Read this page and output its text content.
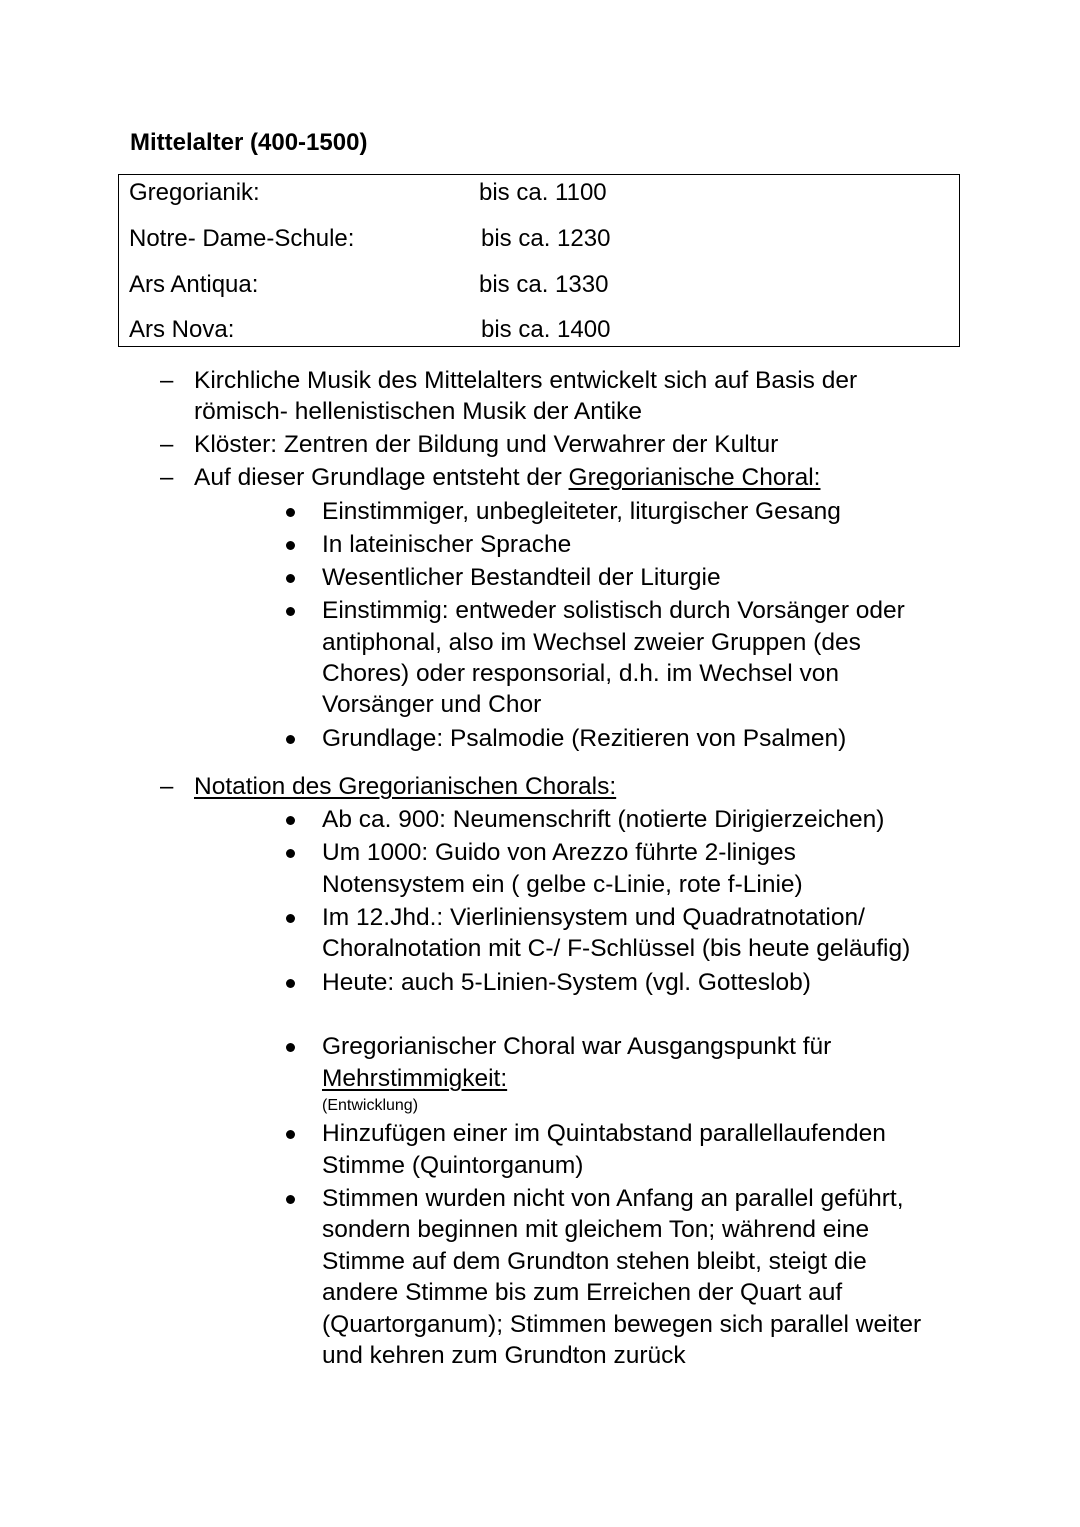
Mittelalter (400-1500)
Gregorianik:	bis ca. 1100
Notre- Dame-Schule:	bis ca. 1230
Ars Antiqua:	bis ca. 1330
Ars Nova:	bis ca. 1400
– Kirchliche Musik des Mittelalters entwickelt sich auf Basis der
römisch- hellenistischen Musik der Antike
– Klöster: Zentren der Bildung und Verwahrer der Kultur
– Auf dieser Grundlage entsteht der Gregorianische Choral:
Einstimmiger, unbegleiteter, liturgischer Gesang
In lateinischer Sprache
Wesentlicher Bestandteil der Liturgie
Einstimmig: entweder solistisch durch Vorsänger oder
antiphonal, also im Wechsel zweier Gruppen (des
Chores) oder responsorial, d.h. im Wechsel von
Vorsänger und Chor
Grundlage: Psalmodie (Rezitieren von Psalmen)
– Notation des Gregorianischen Chorals:
Ab ca. 900: Neumenschrift (notierte Dirigierzeichen)
Um 1000: Guido von Arezzo führte 2-liniges
Notensystem ein ( gelbe c-Linie, rote f-Linie)
Im 12.Jhd.: Vierliniensystem und Quadratnotation/
Choralnotation mit C-/ F-Schlüssel (bis heute geläufig)
Heute: auch 5-Linien-System (vgl. Gotteslob)
Gregorianischer Choral war Ausgangspunkt für
Mehrstimmigkeit:
(Entwicklung)
Hinzufügen einer im Quintabstand parallellaufenden
Stimme (Quintorganum)
Stimmen wurden nicht von Anfang an parallel geführt,
sondern beginnen mit gleichem Ton; während eine
Stimme auf dem Grundton stehen bleibt, steigt die
andere Stimme bis zum Erreichen der Quart auf
(Quartorganum); Stimmen bewegen sich parallel weiter
und kehren zum Grundton zurück
